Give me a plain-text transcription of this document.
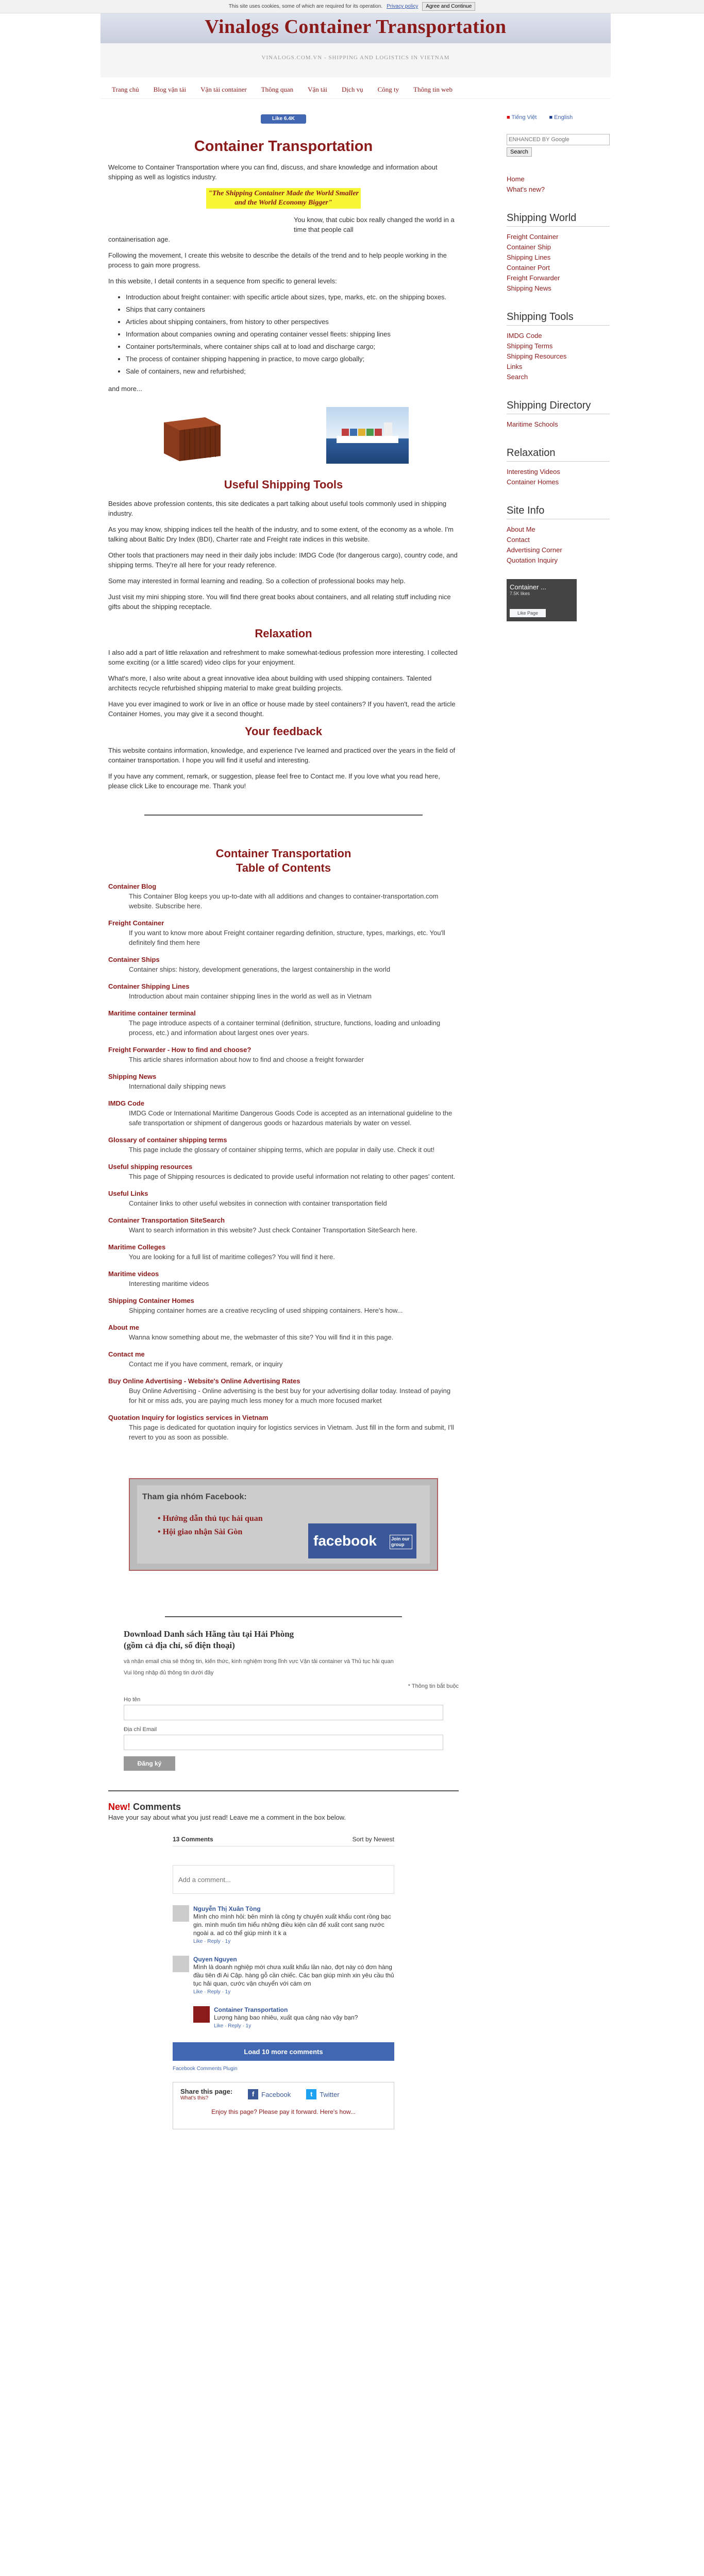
This site uses cookies, some of which are required for its operation. Privacy policy	Agree and Continue
Vinalogs Container Transportation
VINALOGS.COM.VN - SHIPPING AND LOGISTICS IN VIETNAM
Trang chủ	Blog vận tải	Vận tải container	Thông quan	Vận tải	Dịch vụ	Công ty	Thông tin web
Like 6.4K
Container Transportation

Welcome to Container Transportation where you can find, discuss, and share knowledge and information about shipping as well as logistics industry.

"The Shipping Container Made the World Smaller
and the World Economy Bigger"
You know, that cubic box really changed the world in a time that people call

containerisation age.

Following the movement, I create this website to describe the details of the trend and to help people working in the process to gain more progress.

In this website, I detail contents in a sequence from specific to general levels:

• Introduction about freight container: with specific article about sizes, type, marks, etc. on the shipping boxes.
• Ships that carry containers
• Articles about shipping containers, from history to other perspectives
• Information about companies owning and operating container vessel fleets: shipping lines
• Container ports/terminals, where container ships call at to load and discharge cargo;
• The process of container shipping happening in practice, to move cargo globally;
• Sale of containers, new and refurbished;

and more...

Useful Shipping Tools

Besides above profession contents, this site dedicates a part talking about useful tools commonly used in shipping industry.

As you may know, shipping indices tell the health of the industry, and to some extent, of the economy as a whole. I'm talking about Baltic Dry Index (BDI), Charter rate and Freight rate indices in this website.

Other tools that practioners may need in their daily jobs include: IMDG Code (for dangerous cargo), country code, and shipping terms. They're all here for your ready reference.

Some may interested in formal learning and reading. So a collection of professional books may help.

Just visit my mini shipping store. You will find there great books about containers, and all relating stuff including nice gifts about the shipping receptacle.

Relaxation

I also add a part of little relaxation and refreshment to make somewhat-tedious profession more interesting. I collected some exciting (or a little scared) video clips for your enjoyment.

What's more, I also write about a great innovative idea about building with used shipping containers. Talented architects recycle refurbished shipping material to make great building projects.

Have you ever imagined to work or live in an office or house made by steel containers? If you haven't, read the article Container Homes, you may give it a second thought.

Your feedback

This website contains information, knowledge, and experience I've learned and practiced over the years in the field of container transportation. I hope you will find it useful and interesting.

If you have any comment, remark, or suggestion, please feel free to Contact me. If you love what you read here, please click Like to encourage me. Thank you!

Container Transportation
Table of Contents
Container Blog
This Container Blog keeps you up-to-date with all additions and changes to container-transportation.com website. Subscribe here.
Freight Container
If you want to know more about Freight container regarding definition, structure, types, markings, etc. You'll definitely find them here
Container Ships
Container ships: history, development generations, the largest containership in the world
Container Shipping Lines
Introduction about main container shipping lines in the world as well as in Vietnam
Maritime container terminal
The page introduce aspects of a container terminal (definition, structure, functions, loading and unloading process, etc.) and information about largest ones over years.
Freight Forwarder - How to find and choose?
This article shares information about how to find and choose a freight forwarder
Shipping News
International daily shipping news
IMDG Code
IMDG Code or International Maritime Dangerous Goods Code is accepted as an international guideline to the safe transportation or shipment of dangerous goods or hazardous materials by water on vessel.
Glossary of container shipping terms
This page include the glossary of container shipping terms, which are popular in daily use. Check it out!
Useful shipping resources
This page of Shipping resources is dedicated to provide useful information not relating to other pages' content.
Useful Links
Container links to other useful websites in connection with container transportation field
Container Transportation SiteSearch
Want to search information in this website? Just check Container Transportation SiteSearch here.
Maritime Colleges
You are looking for a full list of maritime colleges? You will find it here.
Maritime videos
Interesting maritime videos
Shipping Container Homes
Shipping container homes are a creative recycling of used shipping containers. Here's how...
About me
Wanna know something about me, the webmaster of this site? You will find it in this page.
Contact me
Contact me if you have comment, remark, or inquiry
Buy Online Advertising - Website's Online Advertising Rates
Buy Online Advertising - Online advertising is the best buy for your advertising dollar today. Instead of paying for hit or miss ads, you are paying much less money for a much more focused market
Quotation Inquiry for logistics services in Vietnam
This page is dedicated for quotation inquiry for logistics services in Vietnam. Just fill in the form and submit, I'll revert to you as soon as possible.
Tham gia nhóm Facebook:
• Hướng dẫn thủ tục hải quan
• Hội giao nhận Sài Gòn
facebook	Join our group
Download Danh sách Hãng tàu tại Hải Phòng
(gồm cả địa chỉ, số điện thoại)
và nhận email chia sẻ thông tin, kiến thức, kinh nghiệm trong lĩnh vực Vận tải container và Thủ tục hải quan
Vui lòng nhập đủ thông tin dưới đây
* Thông tin bắt buộc
Họ tên
Địa chỉ Email
Đăng ký
New! Comments

Have your say about what you just read! Leave me a comment in the box below.

13 Comments	Sort by Newest
Add a comment...
Nguyễn Thị Xuân Tòng
Mình cho mình hỏi: bên mình là công ty chuyên xuất khẩu cont rồng bạc gin. mình muốn tìm hiểu những điều kiện cần để xuất cont sang nước ngoài a. ad có thể giúp mình ít k a
Like · Reply · 1y
Quyen Nguyen
Mình là doanh nghiệp mới chưa xuất khẩu lần nào, đợt này có đơn hàng đầu tiên đi Ai Cập. hàng gỗ cần chiếc. Các bạn giúp mình xin yêu cầu thủ tục hải quan, cước vận chuyển với cám ơn
Like · Reply · 1y
Container Transportation
Lượng hàng bao nhiêu, xuất qua cảng nào vậy bạn?
Like · Reply · 1y
Load 10 more comments
Facebook Comments Plugin
Share this page:
What's this?
f	Facebook	t	Twitter
Enjoy this page? Please pay it forward. Here's how...
■ Tiếng Việt ■ English
ENHANCED BY Google Search
Home
What's new?
Shipping World
Freight Container
Container Ship
Shipping Lines
Container Port
Freight Forwarder
Shipping News
Shipping Tools
IMDG Code
Shipping Terms
Shipping Resources
Links
Search
Shipping Directory
Maritime Schools
Relaxation
Interesting Videos
Container Homes
Site Info
About Me
Contact
Advertising Corner
Quotation Inquiry
Container ...
7.5K likes
Like Page
